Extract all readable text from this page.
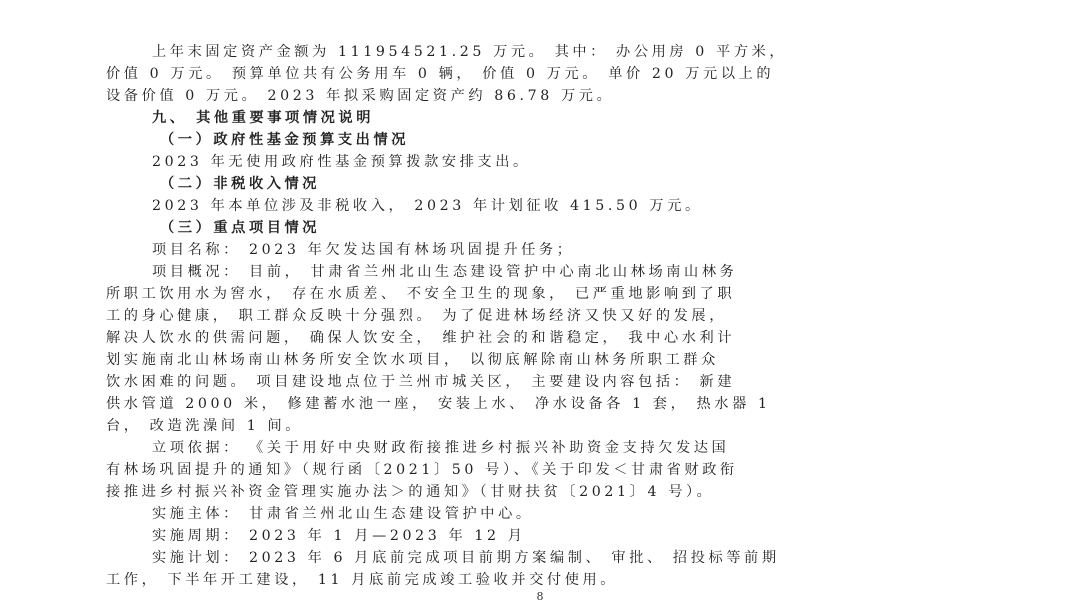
上年末固定资产金额为 111954521.25 万元。 其中： 办公用房 0 平方米，
价值 0 万元。 预算单位共有公务用车 0 辆， 价值 0 万元。 单价 20 万元以上的
设备价值 0 万元。 2023 年拟采购固定资产约 86.78 万元。
九、 其他重要事项情况说明
（一）政府性基金预算支出情况
2023 年无使用政府性基金预算拨款安排支出。
（二）非税收入情况
2023 年本单位涉及非税收入， 2023 年计划征收 415.50 万元。
（三）重点项目情况
项目名称： 2023 年欠发达国有林场巩固提升任务；
项目概况： 目前， 甘肃省兰州北山生态建设管护中心南北山林场南山林务
所职工饮用水为窖水， 存在水质差、 不安全卫生的现象， 已严重地影响到了职
工的身心健康， 职工群众反映十分强烈。 为了促进林场经济又快又好的发展，
解决人饮水的供需问题， 确保人饮安全， 维护社会的和谐稳定， 我中心水利计
划实施南北山林场南山林务所安全饮水项目， 以彻底解除南山林务所职工群众
饮水困难的问题。 项目建设地点位于兰州市城关区， 主要建设内容包括： 新建
供水管道 2000 米， 修建蓄水池一座， 安装上水、 净水设备各 1 套， 热水器 1
台， 改造洗澡间 1 间。
立项依据： 《关于用好中央财政衔接推进乡村振兴补助资金支持欠发达国
有林场巩固提升的通知》（规行函〔2021〕50 号）、《关于印发＜甘肃省财政衔
接推进乡村振兴补资金管理实施办法＞的通知》（甘财扶贫〔2021〕4 号）。
实施主体： 甘肃省兰州北山生态建设管护中心。
实施周期： 2023 年 1 月—2023 年 12 月
实施计划： 2023 年 6 月底前完成项目前期方案编制、 审批、 招投标等前期
工作， 下半年开工建设， 11 月底前完成竣工验收并交付使用。
8
